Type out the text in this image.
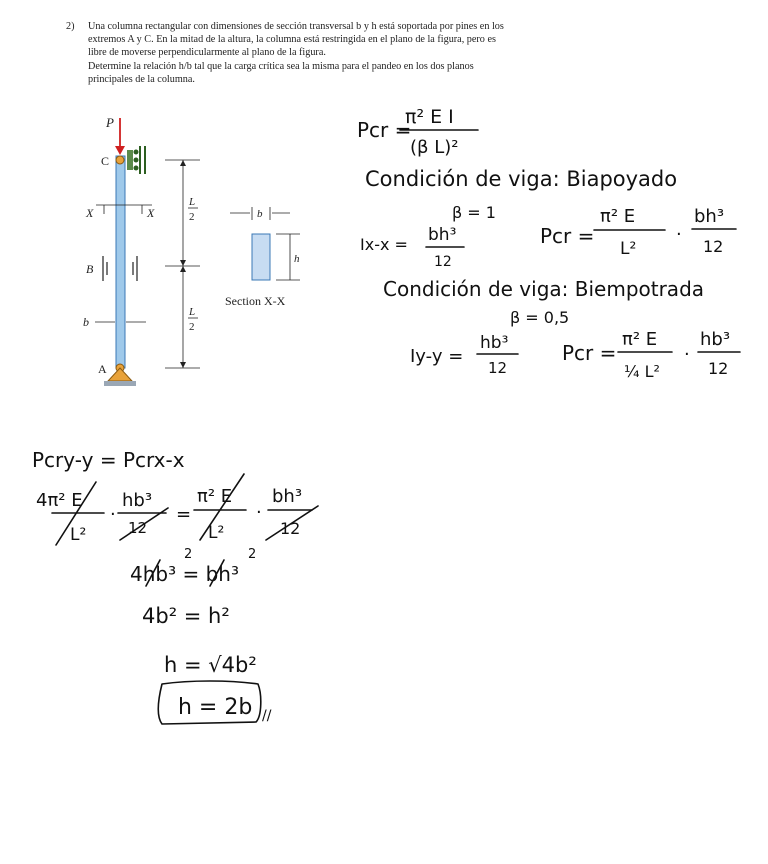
2) Una columna rectangular con dimensiones de sección transversal b y h está soportada por pines en los

extremos A y C. En la mitad de la altura, la columna está restringida en el plano de la figura, pero es

libre de moverse perpendicularmente al plano de la figura.

Determine la relación h/b tal que la carga crítica sea la misma para el pandeo en los dos planos

principales de la columna.

P
C
X	X
B
b
A
L
2
L
2
b
h
Section X-X
Pcr =
π² E I
(β L)²
Condición de viga: Biapoyado
β = 1
Ix-x = bh³
12
Pcr =
π² E
L²
·
bh³
12
Condición de viga: Biempotrada
β = 0,5
Iy-y =
hb³
12
Pcr =
π² E
¼ L²
·
hb³
12
Pcry-y = Pcrx-x
4π² E
L²
·
hb³
12
=
π² E
L²
·
bh³
12
4hb³ = bh³
2	2
4b² = h²
h = √4b²
h = 2b //
